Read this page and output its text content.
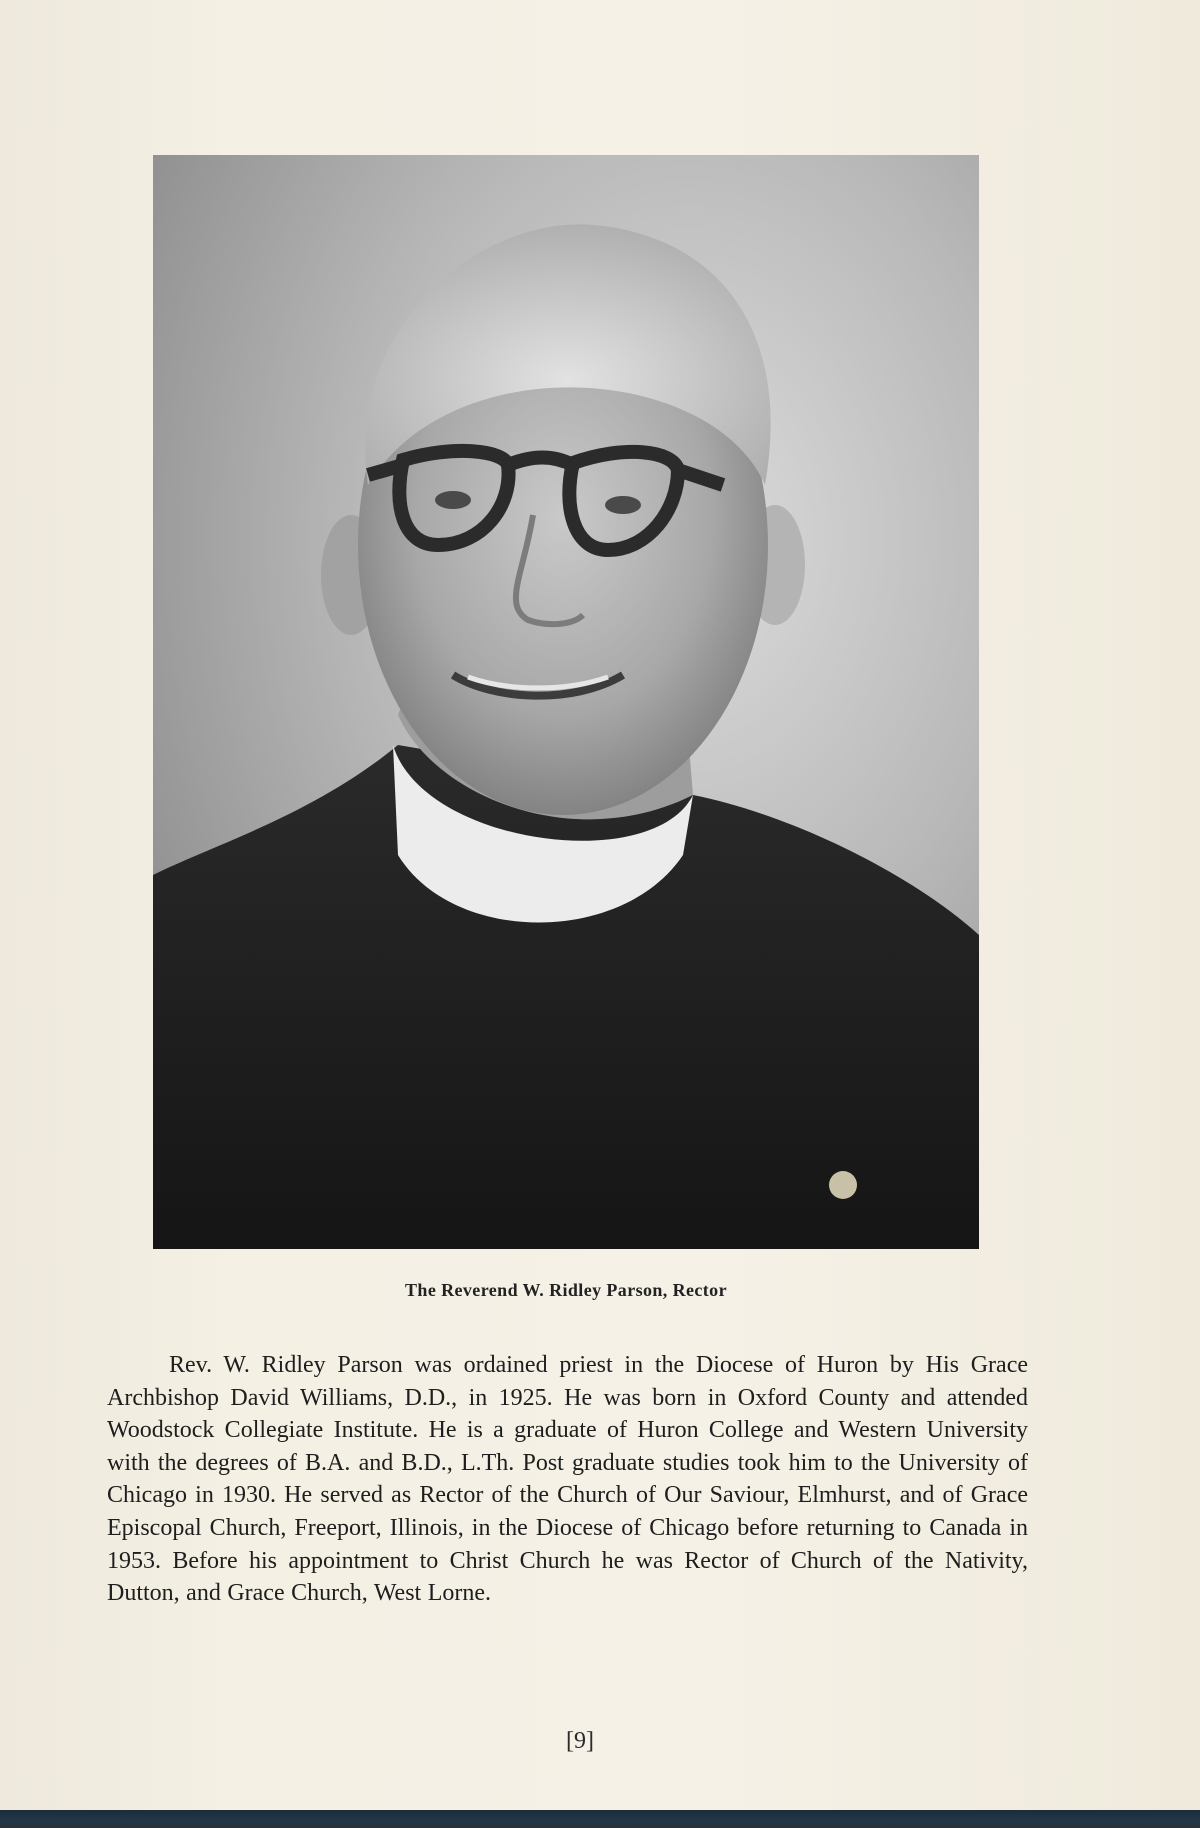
The Reverend W. Ridley Parson, Rector

Rev. W. Ridley Parson was ordained priest in the Diocese of Huron by His Grace Archbishop David Williams, D.D., in 1925. He was born in Oxford County and attended Woodstock Collegiate Institute. He is a graduate of Huron College and Western University with the degrees of B.A. and B.D., L.Th. Post graduate studies took him to the University of Chicago in 1930. He served as Rector of the Church of Our Saviour, Elmhurst, and of Grace Episcopal Church, Freeport, Illinois, in the Diocese of Chicago before returning to Canada in 1953. Before his appointment to Christ Church he was Rector of Church of the Nativity, Dutton, and Grace Church, West Lorne.

[9]
